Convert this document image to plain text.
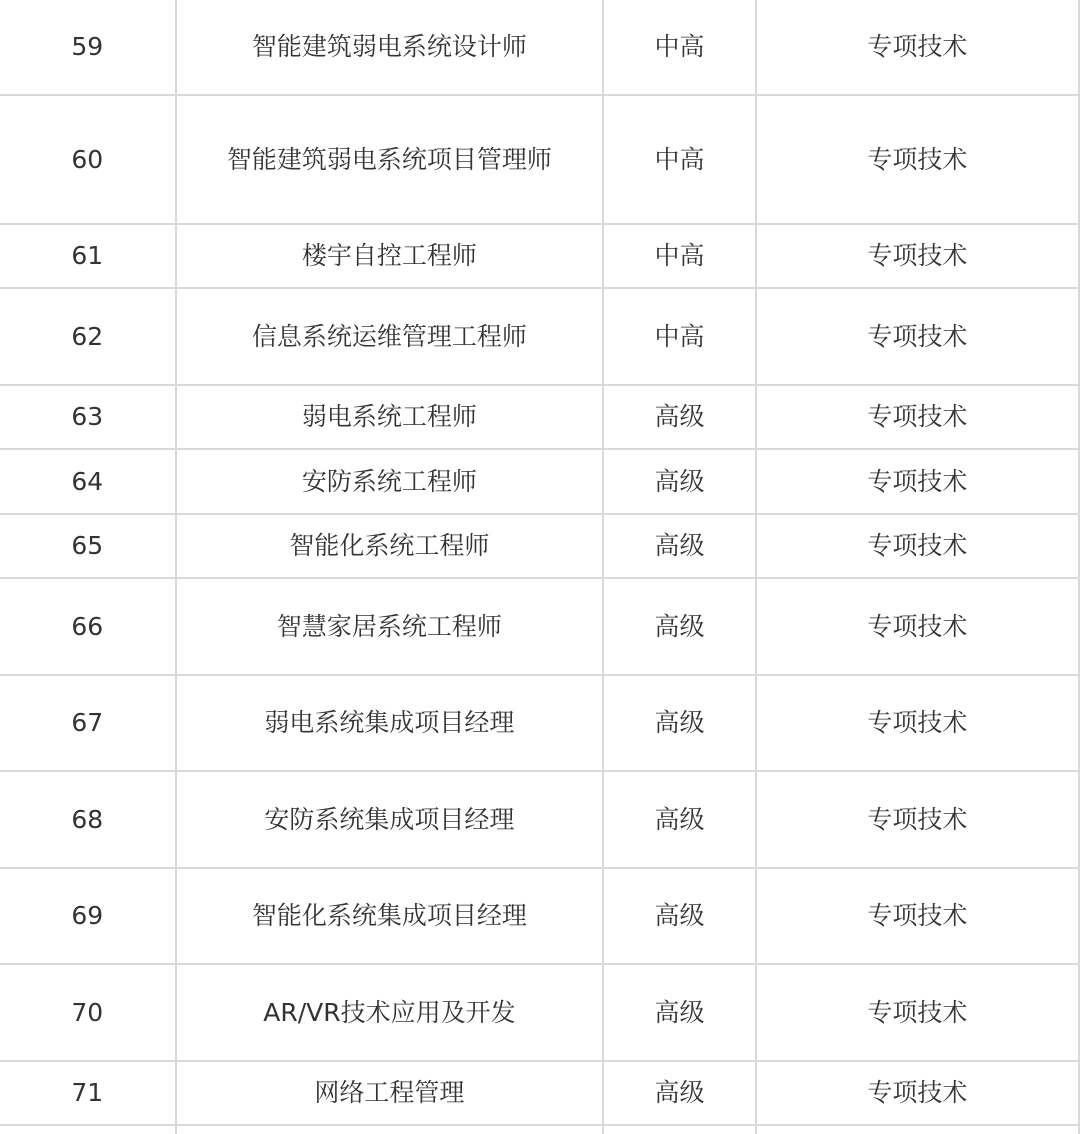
59	智能建筑弱电系统设计师	中高	专项技术
60	智能建筑弱电系统项目管理师	中高	专项技术
61	楼宇自控工程师	中高	专项技术
62	信息系统运维管理工程师	中高	专项技术
63	弱电系统工程师	高级	专项技术
64	安防系统工程师	高级	专项技术
65	智能化系统工程师	高级	专项技术
66	智慧家居系统工程师	高级	专项技术
67	弱电系统集成项目经理	高级	专项技术
68	安防系统集成项目经理	高级	专项技术
69	智能化系统集成项目经理	高级	专项技术
70	AR/VR技术应用及开发	高级	专项技术
71	网络工程管理	高级	专项技术
